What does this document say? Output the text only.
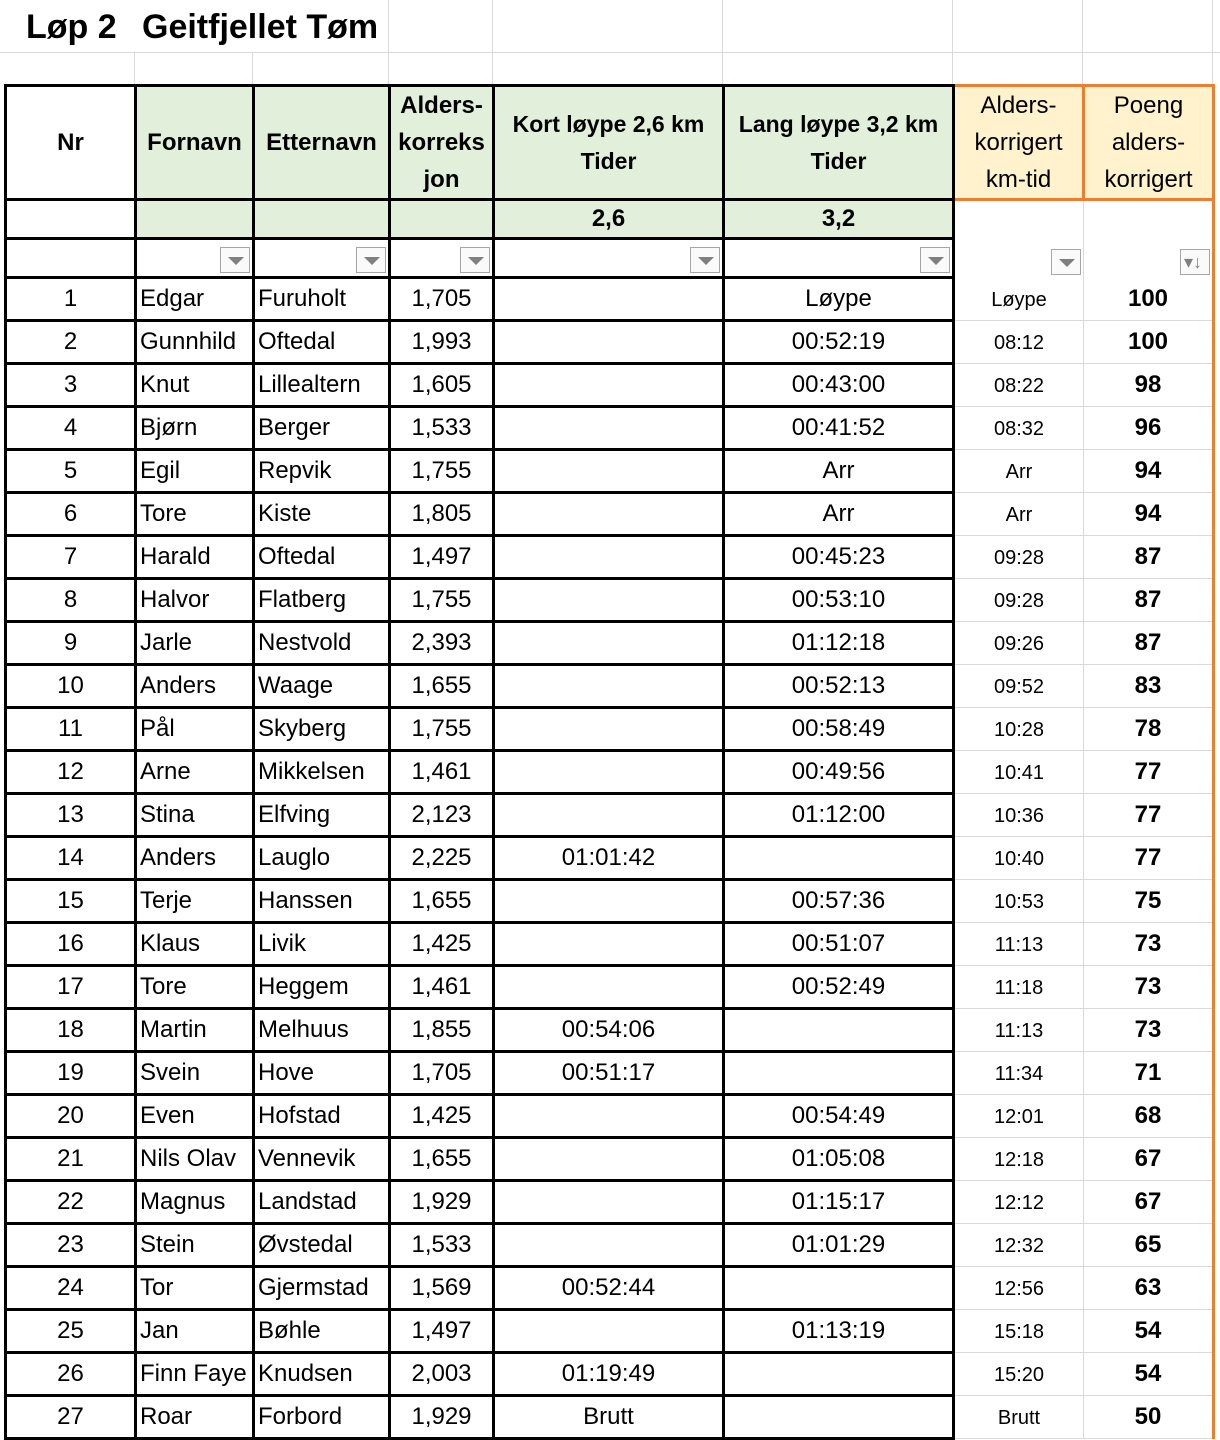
Løp 2 Geitfjellet Tøm
Nr	Fornavn	Etternavn	Alders-korreks jon	Kort løype 2,6 km Tider	Lang løype 3,2 km Tider	Alders-korrigert km-tid	Poeng alders-korrigert
				2,6	3,2		

							▾↓

1	Edgar	Furuholt	1,705		Løype	Løype	100
2	Gunnhild	Oftedal	1,993		00:52:19	08:12	100
3	Knut	Lillealtern	1,605		00:43:00	08:22	98
4	Bjørn	Berger	1,533		00:41:52	08:32	96
5	Egil	Repvik	1,755		Arr	Arr	94
6	Tore	Kiste	1,805		Arr	Arr	94
7	Harald	Oftedal	1,497		00:45:23	09:28	87
8	Halvor	Flatberg	1,755		00:53:10	09:28	87
9	Jarle	Nestvold	2,393		01:12:18	09:26	87
10	Anders	Waage	1,655		00:52:13	09:52	83
11	Pål	Skyberg	1,755		00:58:49	10:28	78
12	Arne	Mikkelsen	1,461		00:49:56	10:41	77
13	Stina	Elfving	2,123		01:12:00	10:36	77
14	Anders	Lauglo	2,225	01:01:42		10:40	77
15	Terje	Hanssen	1,655		00:57:36	10:53	75
16	Klaus	Livik	1,425		00:51:07	11:13	73
17	Tore	Heggem	1,461		00:52:49	11:18	73
18	Martin	Melhuus	1,855	00:54:06		11:13	73
19	Svein	Hove	1,705	00:51:17		11:34	71
20	Even	Hofstad	1,425		00:54:49	12:01	68
21	Nils Olav	Vennevik	1,655		01:05:08	12:18	67
22	Magnus	Landstad	1,929		01:15:17	12:12	67
23	Stein	Øvstedal	1,533		01:01:29	12:32	65
24	Tor	Gjermstad	1,569	00:52:44		12:56	63
25	Jan	Bøhle	1,497		01:13:19	15:18	54
26	Finn Faye	Knudsen	2,003	01:19:49		15:20	54
27	Roar	Forbord	1,929	Brutt		Brutt	50
